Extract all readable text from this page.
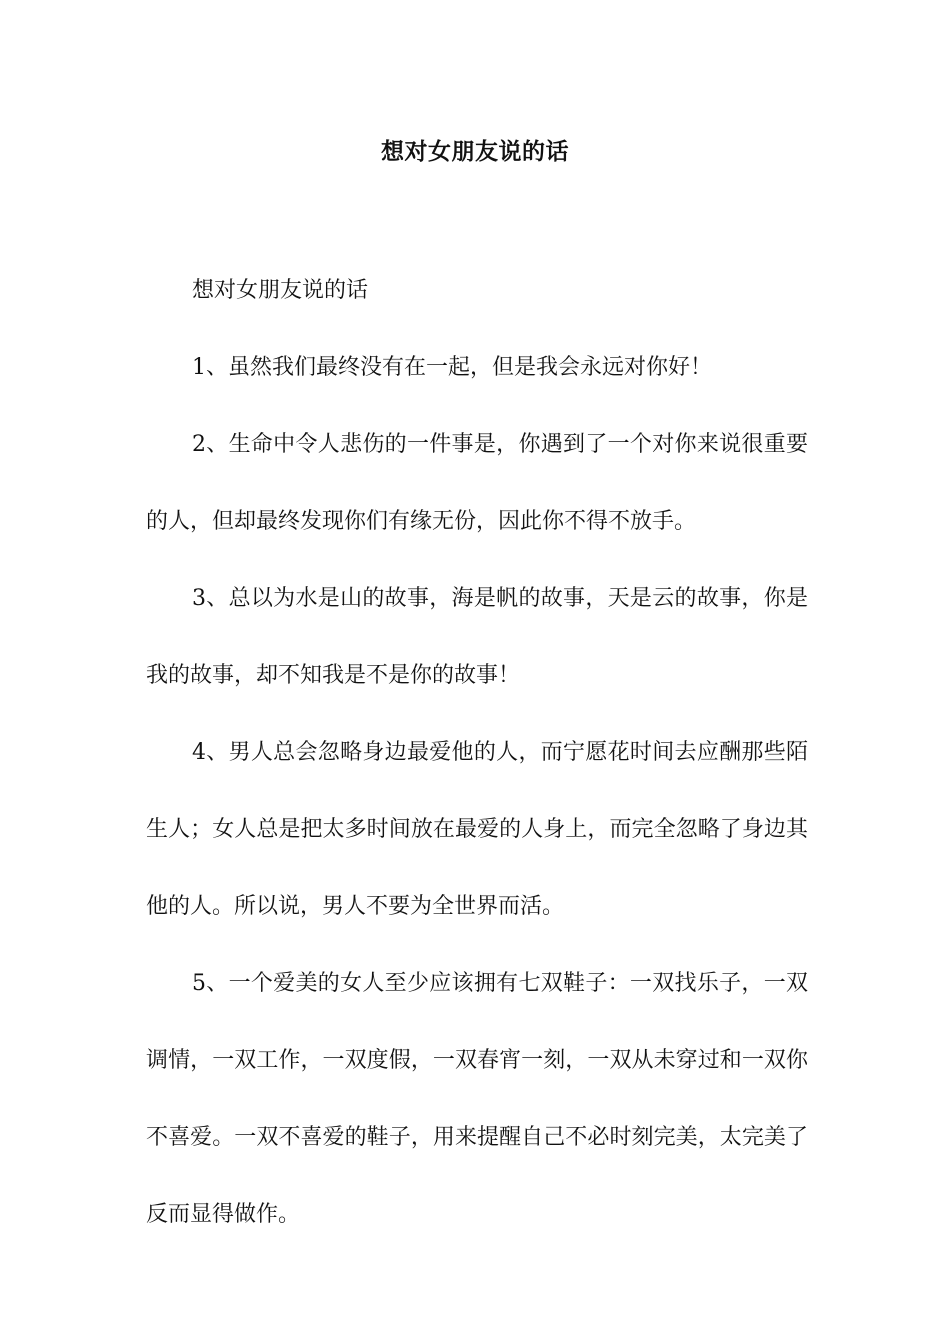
想对女朋友说的话

想对女朋友说的话

1、虽然我们最终没有在一起，但是我会永远对你好！

2、生命中令人悲伤的一件事是，你遇到了一个对你来说很重要的人，但却最终发现你们有缘无份，因此你不得不放手。

3、总以为水是山的故事，海是帆的故事，天是云的故事，你是我的故事，却不知我是不是你的故事！

4、男人总会忽略身边最爱他的人，而宁愿花时间去应酬那些陌生人；女人总是把太多时间放在最爱的人身上，而完全忽略了身边其他的人。所以说，男人不要为全世界而活。

5、一个爱美的女人至少应该拥有七双鞋子：一双找乐子，一双调情，一双工作，一双度假，一双春宵一刻，一双从未穿过和一双你不喜爱。一双不喜爱的鞋子，用来提醒自己不必时刻完美，太完美了反而显得做作。
